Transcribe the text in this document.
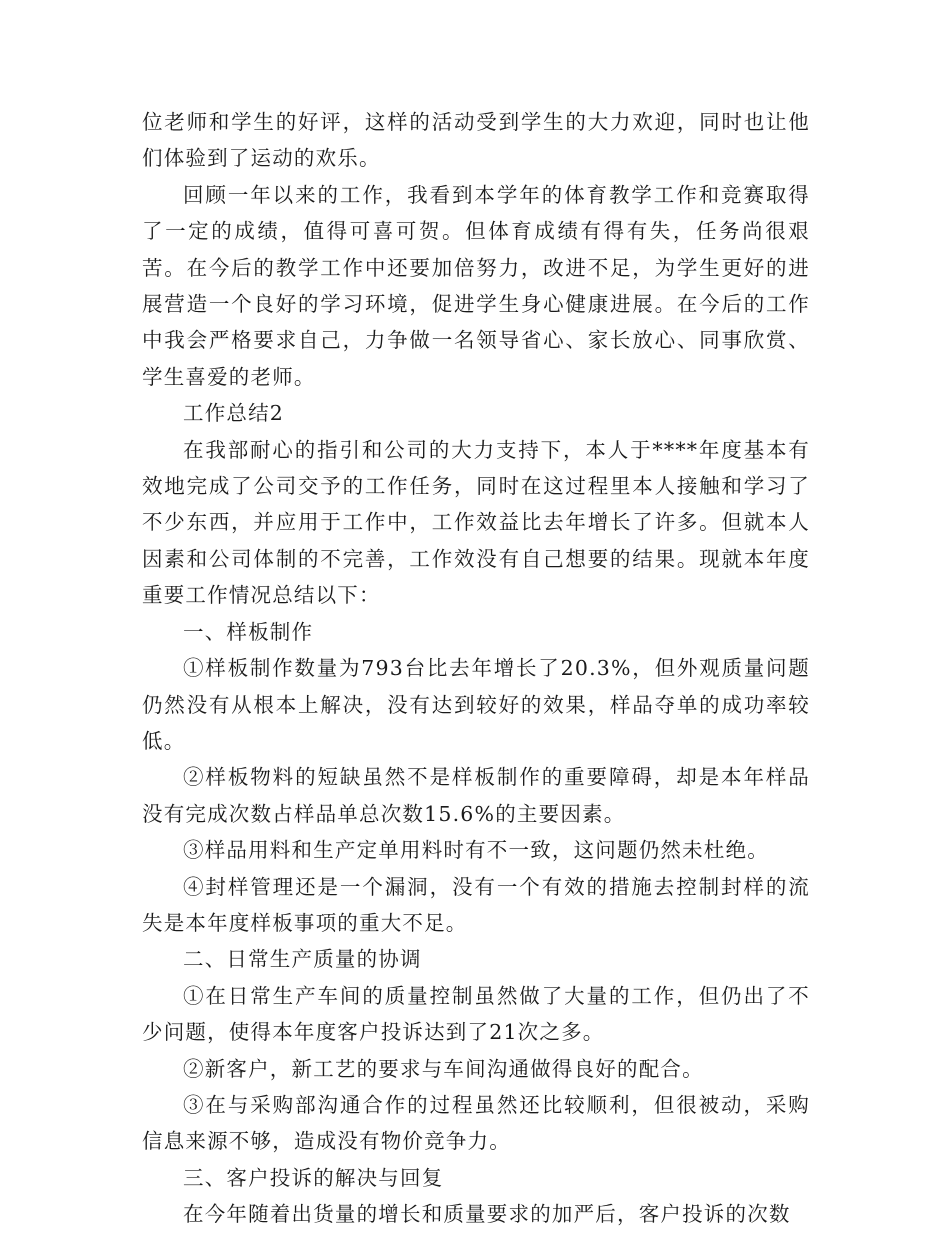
位老师和学生的好评，这样的活动受到学生的大力欢迎，同时也让他们体验到了运动的欢乐。

回顾一年以来的工作，我看到本学年的体育教学工作和竞赛取得了一定的成绩，值得可喜可贺。但体育成绩有得有失，任务尚很艰苦。在今后的教学工作中还要加倍努力，改进不足，为学生更好的进展营造一个良好的学习环境，促进学生身心健康进展。在今后的工作中我会严格要求自己，力争做一名领导省心、家长放心、同事欣赏、学生喜爱的老师。

工作总结2

在我部耐心的指引和公司的大力支持下，本人于****年度基本有效地完成了公司交予的工作任务，同时在这过程里本人接触和学习了不少东西，并应用于工作中，工作效益比去年增长了许多。但就本人因素和公司体制的不完善，工作效没有自己想要的结果。现就本年度重要工作情况总结以下：

一、样板制作

①样板制作数量为793台比去年增长了20.3%，但外观质量问题仍然没有从根本上解决，没有达到较好的效果，样品夺单的成功率较低。

②样板物料的短缺虽然不是样板制作的重要障碍，却是本年样品没有完成次数占样品单总次数15.6%的主要因素。

③样品用料和生产定单用料时有不一致，这问题仍然未杜绝。

④封样管理还是一个漏洞，没有一个有效的措施去控制封样的流失是本年度样板事项的重大不足。

二、日常生产质量的协调

①在日常生产车间的质量控制虽然做了大量的工作，但仍出了不少问题，使得本年度客户投诉达到了21次之多。

②新客户，新工艺的要求与车间沟通做得良好的配合。

③在与采购部沟通合作的过程虽然还比较顺利，但很被动，采购信息来源不够，造成没有物价竞争力。

三、客户投诉的解决与回复

在今年随着出货量的增长和质量要求的加严后，客户投诉的次数
